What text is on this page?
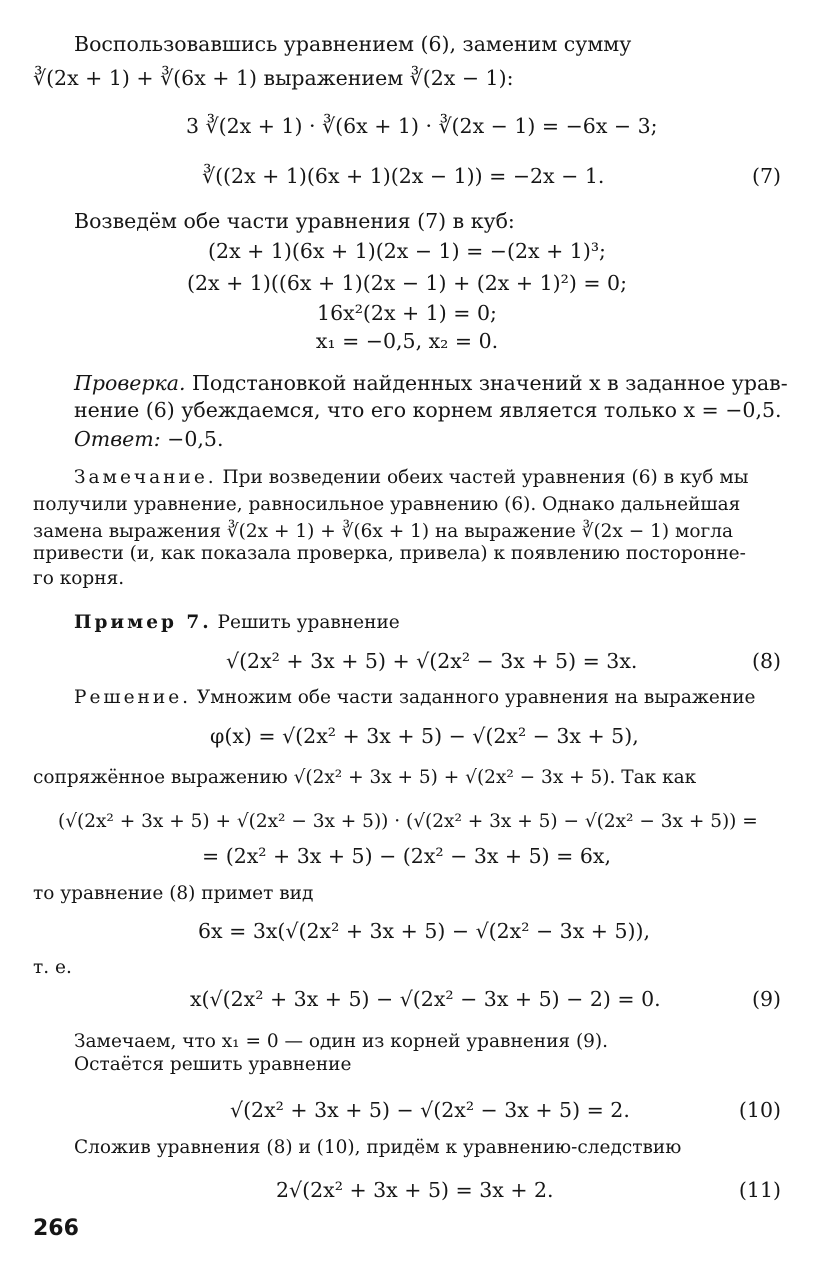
Воспользовавшись уравнением (6), заменим сумму
∛(2x + 1) + ∛(6x + 1) выражением ∛(2x − 1):
3 ∛(2x + 1) · ∛(6x + 1) · ∛(2x − 1) = −6x − 3;
∛((2x + 1)(6x + 1)(2x − 1)) = −2x − 1.	(7)
Возведём обе части уравнения (7) в куб:
(2x + 1)(6x + 1)(2x − 1) = −(2x + 1)³;
(2x + 1)((6x + 1)(2x − 1) + (2x + 1)²) = 0;
16x²(2x + 1) = 0;
x₁ = −0,5, x₂ = 0.
Проверка. Подстановкой найденных значений x в заданное урав-
нение (6) убеждаемся, что его корнем является только x = −0,5.
Ответ: −0,5.
Замечание. При возведении обеих частей уравнения (6) в куб мы
получили уравнение, равносильное уравнению (6). Однако дальнейшая
замена выражения ∛(2x + 1) + ∛(6x + 1) на выражение ∛(2x − 1) могла
привести (и, как показала проверка, привела) к появлению посторонне-
го корня.
Пример 7. Решить уравнение
√(2x² + 3x + 5) + √(2x² − 3x + 5) = 3x.	(8)
Решение. Умножим обе части заданного уравнения на выражение
φ(x) = √(2x² + 3x + 5) − √(2x² − 3x + 5),
сопряжённое выражению √(2x² + 3x + 5) + √(2x² − 3x + 5). Так как
(√(2x² + 3x + 5) + √(2x² − 3x + 5)) · (√(2x² + 3x + 5) − √(2x² − 3x + 5)) =
= (2x² + 3x + 5) − (2x² − 3x + 5) = 6x,
то уравнение (8) примет вид
6x = 3x(√(2x² + 3x + 5) − √(2x² − 3x + 5)),
т. е.
x(√(2x² + 3x + 5) − √(2x² − 3x + 5) − 2) = 0.	(9)
Замечаем, что x₁ = 0 — один из корней уравнения (9).
Остаётся решить уравнение
√(2x² + 3x + 5) − √(2x² − 3x + 5) = 2.	(10)
Сложив уравнения (8) и (10), придём к уравнению-следствию
2√(2x² + 3x + 5) = 3x + 2.	(11)
266
